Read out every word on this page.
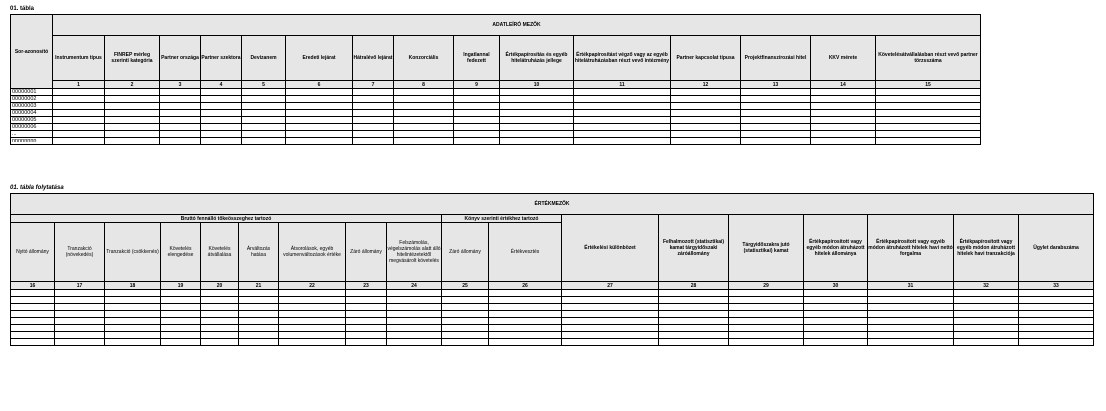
01. tábla
Sor-azonosító	ADATLEÍRÓ MEZŐK														
	Instrumentum típus	FINREP mérleg szerinti kategória	Partner országa	Partner szektora	Devizanem	Eredeti lejárat	Hátralévő lejárat	Konzorciális	Ingatlannal fedezett	Értékpapírosítás és egyéb hitelátruházás jellege	Értékpapírosítást végző vagy az egyéb hitelátruházásban részt vevő intézmény	Partner kapcsolat típusa	Projektfinanszírozási hitel	KKV mérete	Követelésátvállalásban részt vevő partner törzsszáma
	1	2	3	4	5	6	7	8	9	10	11	12	13	14	15
00000001															
00000002															
00000003															
00000004															
00000005															
00000006															
...															
nnnnnnnn															
01. tábla folytatása
ÉRTÉKMEZŐK																	
Bruttó fennálló tőkeösszeghez tartozó									Könyv szerinti értékhez tartozó		Értékelési különbözet	Felhalmozott (statisztikai) kamat tárgyidőszaki záróállomány	Tárgyidőszakra jutó (statisztikai) kamat	Értékpapírosított vagy egyéb módon átruházott hitelek állománya	Értékpapírosított vagy egyéb módon átruházott hitelek havi nettó forgalma	Értékpapírosított vagy egyéb módon átruházott hitelek havi tranzakciója	Ügylet darabszáma
Nyitó állomány	Tranzakció (növekedés)	Tranzakció (csökkenés)	Követelés elengedése	Követelés átvállalása	Árváltozás hatása	Átsorolások, egyéb volumenváltozások értéke	Záró állomány	Felszámolás, végelszámolás alatt álló hitelintézetektől megvásárolt követelés	Záró állomány	Értékvesztés							
16	17	18	19	20	21	22	23	24	25	26	27	28	29	30	31	32	33
